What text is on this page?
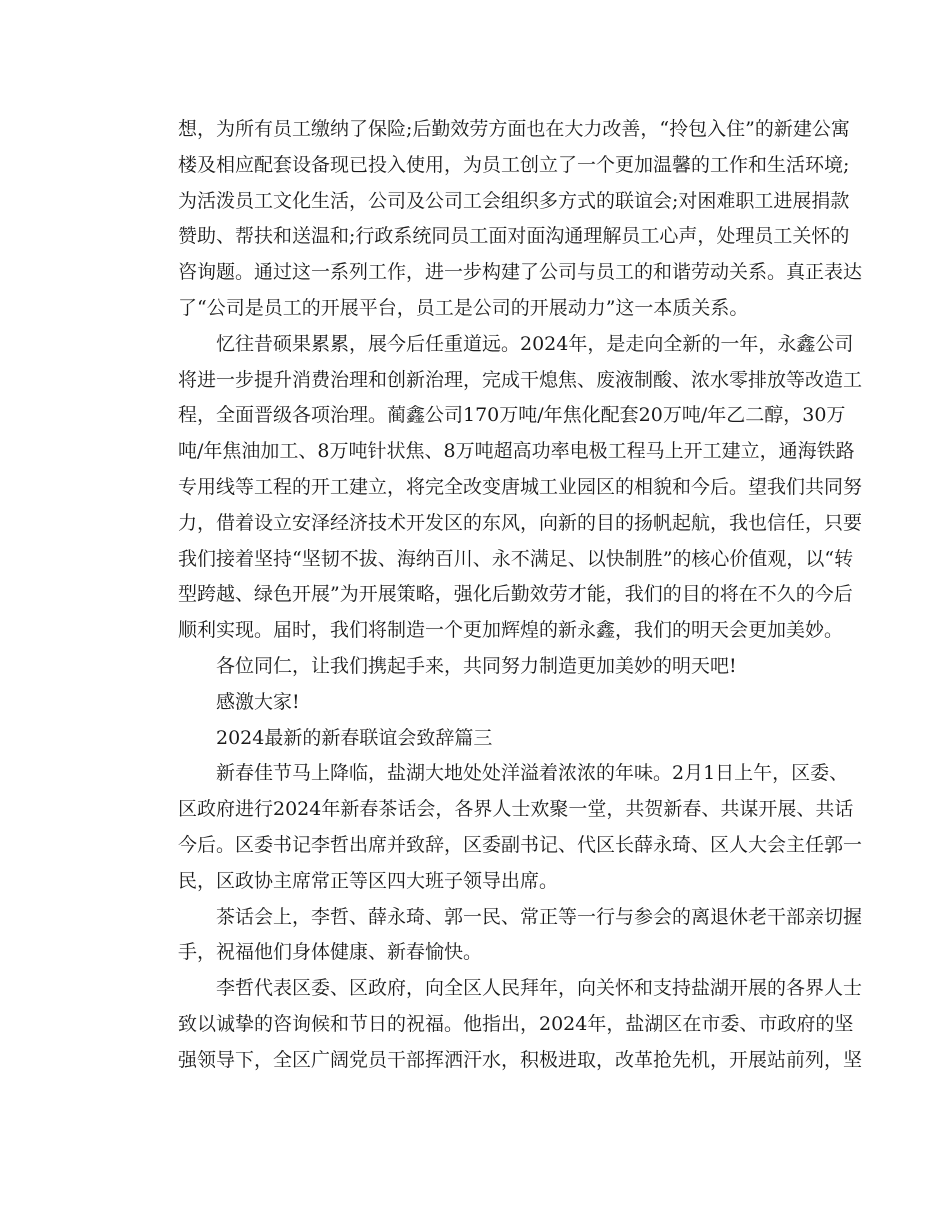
想，为所有员工缴纳了保险;后勤效劳方面也在大力改善，“拎包入住”的新建公寓
楼及相应配套设备现已投入使用，为员工创立了一个更加温馨的工作和生活环境;
为活泼员工文化生活，公司及公司工会组织多方式的联谊会;对困难职工进展捐款
赞助、帮扶和送温和;行政系统同员工面对面沟通理解员工心声，处理员工关怀的
咨询题。通过这一系列工作，进一步构建了公司与员工的和谐劳动关系。真正表达
了“公司是员工的开展平台，员工是公司的开展动力”这一本质关系。
忆往昔硕果累累，展今后任重道远。2024年，是走向全新的一年，永鑫公司
将进一步提升消费治理和创新治理，完成干熄焦、废液制酸、浓水零排放等改造工
程，全面晋级各项治理。蔺鑫公司170万吨/年焦化配套20万吨/年乙二醇，30万
吨/年焦油加工、8万吨针状焦、8万吨超高功率电极工程马上开工建立，通海铁路
专用线等工程的开工建立，将完全改变唐城工业园区的相貌和今后。望我们共同努
力，借着设立安泽经济技术开发区的东风，向新的目的扬帆起航，我也信任，只要
我们接着坚持“坚韧不拔、海纳百川、永不满足、以快制胜”的核心价值观，以“转
型跨越、绿色开展”为开展策略，强化后勤效劳才能，我们的目的将在不久的今后
顺利实现。届时，我们将制造一个更加辉煌的新永鑫，我们的明天会更加美妙。
各位同仁，让我们携起手来，共同努力制造更加美妙的明天吧!
感激大家!
2024最新的新春联谊会致辞篇三
新春佳节马上降临，盐湖大地处处洋溢着浓浓的年味。2月1日上午，区委、
区政府进行2024年新春茶话会，各界人士欢聚一堂，共贺新春、共谋开展、共话
今后。区委书记李哲出席并致辞，区委副书记、代区长薛永琦、区人大会主任郭一
民，区政协主席常正等区四大班子领导出席。
茶话会上，李哲、薛永琦、郭一民、常正等一行与参会的离退休老干部亲切握
手，祝福他们身体健康、新春愉快。
李哲代表区委、区政府，向全区人民拜年，向关怀和支持盐湖开展的各界人士
致以诚挚的咨询候和节日的祝福。他指出，2024年，盐湖区在市委、市政府的坚
强领导下，全区广阔党员干部挥洒汗水，积极进取，改革抢先机，开展站前列，坚
